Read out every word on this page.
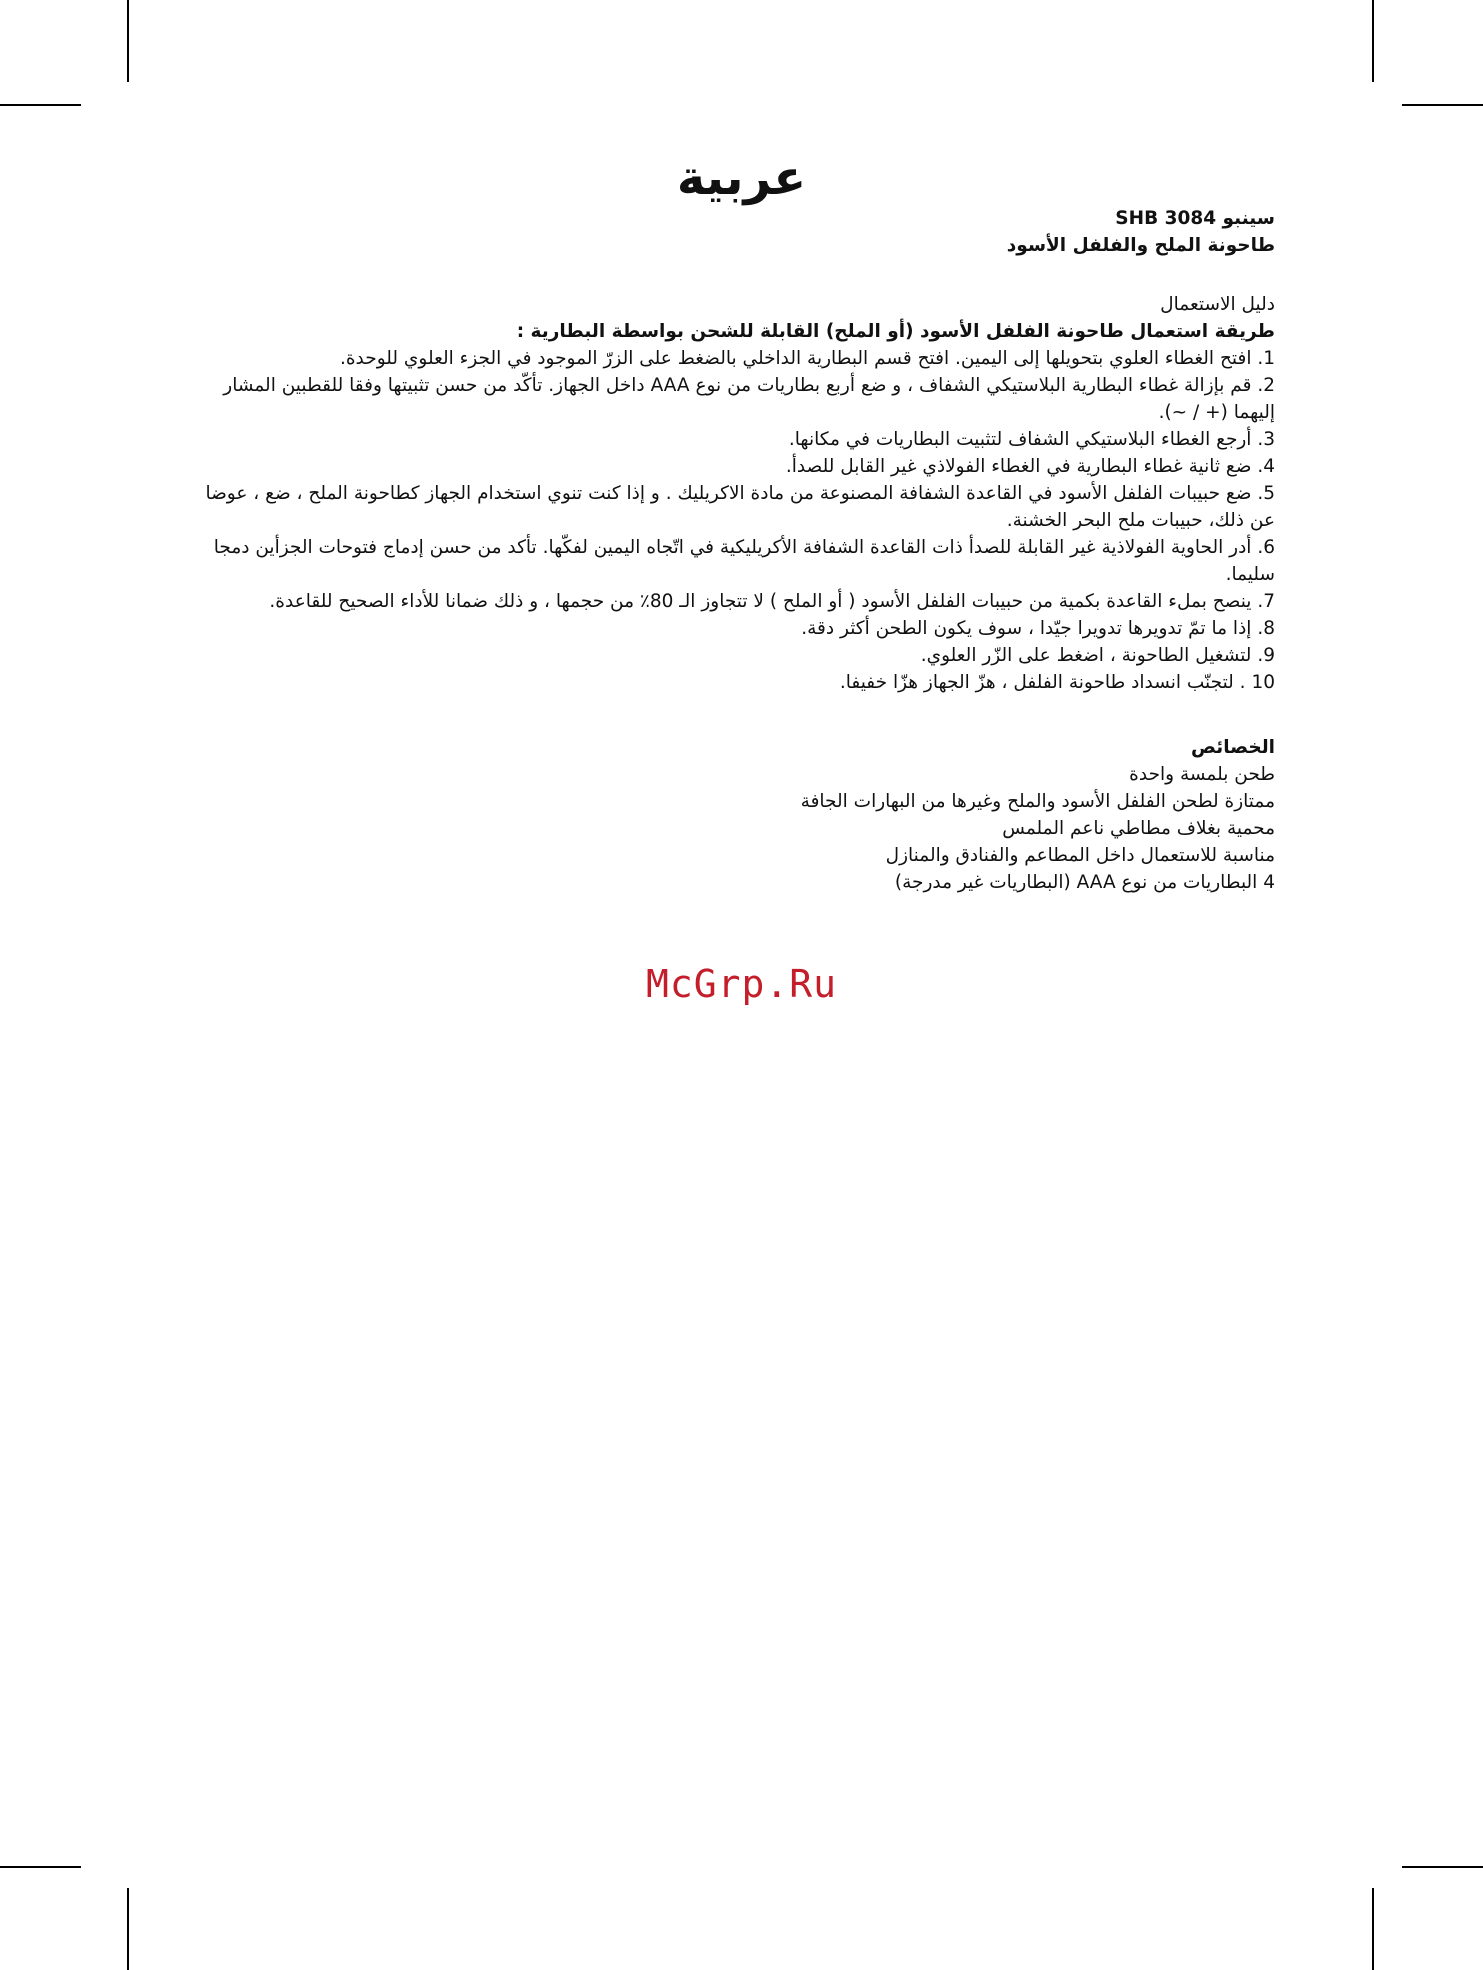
عربية
سينبو SHB 3084
طاحونة الملح والفلفل الأسود
دليل الاستعمال
طريقة استعمال طاحونة الفلفل الأسود (أو الملح) القابلة للشحن بواسطة البطارية :
1. افتح الغطاء العلوي بتحويلها إلى اليمين. افتح قسم البطارية الداخلي بالضغط على الزرّ الموجود في الجزء العلوي للوحدة.
2. قم بإزالة غطاء البطارية البلاستيكي الشفاف ، و ضع أربع بطاريات من نوع AAA داخل الجهاز. تأكّد من حسن تثبيتها وفقا للقطبين المشار إليهما (+ / ~).
3. أرجع الغطاء البلاستيكي الشفاف لتثبيت البطاريات في مكانها.
4. ضع ثانية غطاء البطارية في الغطاء الفولاذي غير القابل للصدأ.
5. ضع حبيبات الفلفل الأسود في القاعدة الشفافة المصنوعة من مادة الاكريليك . و إذا كنت تنوي استخدام الجهاز كطاحونة الملح ، ضع ، عوضا عن ذلك، حبيبات ملح البحر الخشنة.
6. أدر الحاوية الفولاذية غير القابلة للصدأ ذات القاعدة الشفافة الأكريليكية في اتّجاه اليمين لفكّها. تأكد من حسن إدماج فتوحات الجزأين دمجا سليما.
7. ينصح بملء القاعدة بكمية من حبيبات الفلفل الأسود ( أو الملح ) لا تتجاوز الـ 80٪ من حجمها ، و ذلك ضمانا للأداء الصحيح للقاعدة.
8. إذا ما تمّ تدويرها تدويرا جيّدا ، سوف يكون الطحن أكثر دقة.
9. لتشغيل الطاحونة ، اضغط على الزّر العلوي.
10 . لتجنّب انسداد طاحونة الفلفل ، هزّ الجهاز هزّا خفيفا.
الخصائص
طحن بلمسة واحدة
ممتازة لطحن الفلفل الأسود والملح وغيرها من البهارات الجافة
محمية بغلاف مطاطي ناعم الملمس
مناسبة للاستعمال داخل المطاعم والفنادق والمنازل
4 البطاريات من نوع AAA (البطاريات غير مدرجة)
McGrp.Ru
